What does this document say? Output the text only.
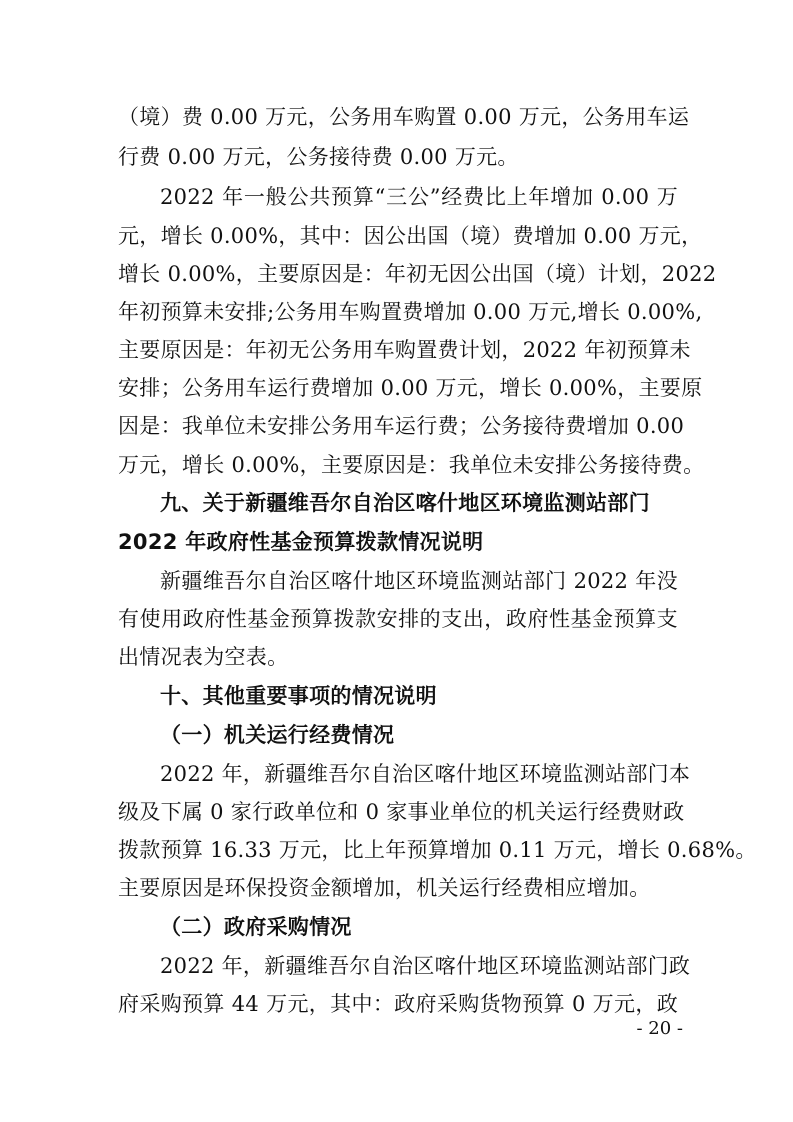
（境）费 0.00 万元，公务用车购置 0.00 万元，公务用车运
行费 0.00 万元，公务接待费 0.00 万元。
2022 年一般公共预算“三公”经费比上年增加 0.00 万
元，增长 0.00%，其中：因公出国（境）费增加 0.00 万元，
增长 0.00%，主要原因是：年初无因公出国（境）计划，2022
年初预算未安排;公务用车购置费增加 0.00 万元,增长 0.00%,
主要原因是：年初无公务用车购置费计划，2022 年初预算未
安排；公务用车运行费增加 0.00 万元，增长 0.00%，主要原
因是：我单位未安排公务用车运行费；公务接待费增加 0.00
万元，增长 0.00%，主要原因是：我单位未安排公务接待费。
九、关于新疆维吾尔自治区喀什地区环境监测站部门
2022 年政府性基金预算拨款情况说明
新疆维吾尔自治区喀什地区环境监测站部门 2022 年没
有使用政府性基金预算拨款安排的支出，政府性基金预算支
出情况表为空表。
十、其他重要事项的情况说明
（一）机关运行经费情况
2022 年，新疆维吾尔自治区喀什地区环境监测站部门本
级及下属 0 家行政单位和 0 家事业单位的机关运行经费财政
拨款预算 16.33 万元，比上年预算增加 0.11 万元，增长 0.68%。
主要原因是环保投资金额增加，机关运行经费相应增加。
（二）政府采购情况
2022 年，新疆维吾尔自治区喀什地区环境监测站部门政
府采购预算 44 万元，其中：政府采购货物预算 0 万元，政
- 20 -
